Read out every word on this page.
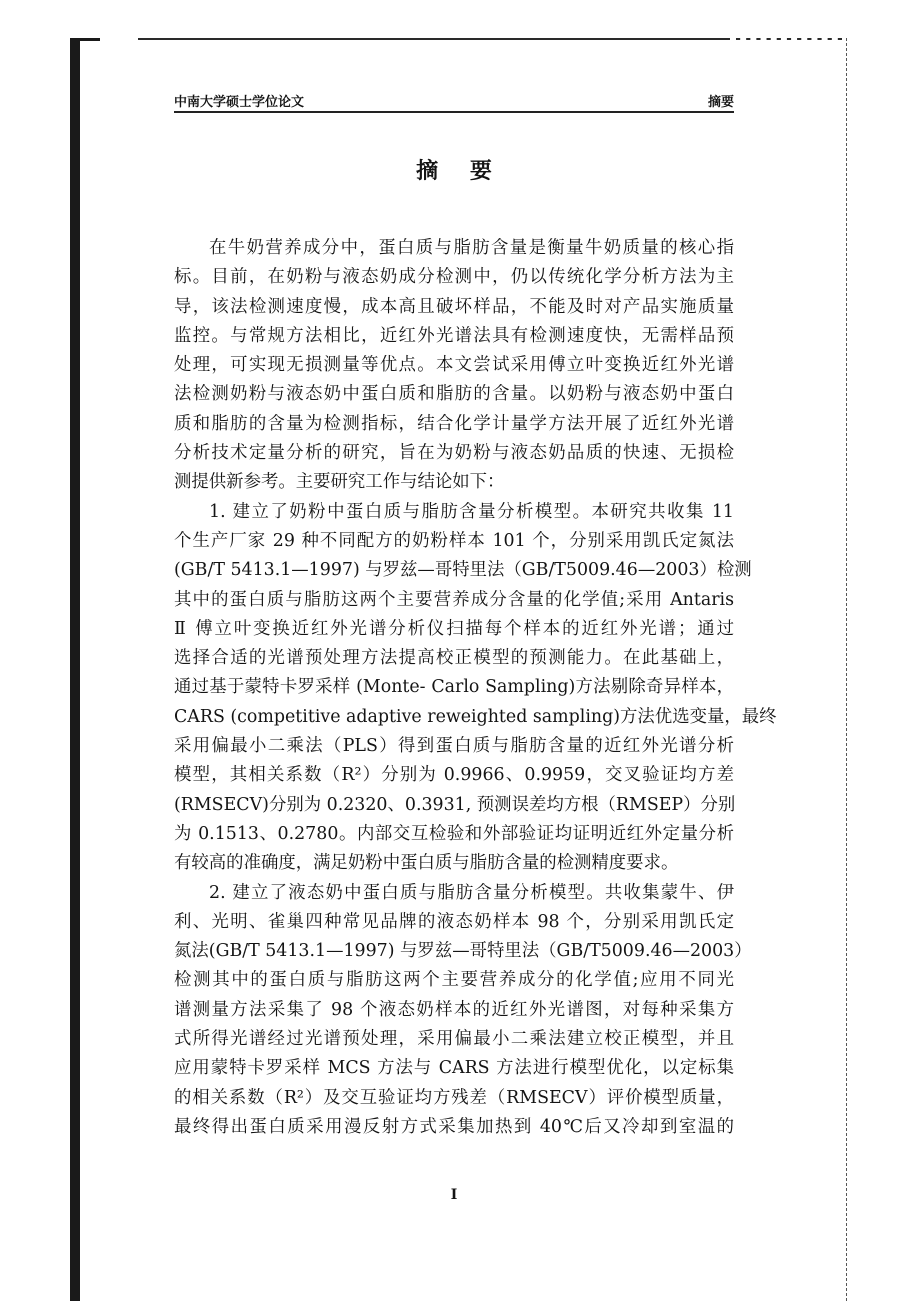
中南大学硕士学位论文	摘要
摘 要
在牛奶营养成分中，蛋白质与脂肪含量是衡量牛奶质量的核心指
标。目前，在奶粉与液态奶成分检测中，仍以传统化学分析方法为主
导，该法检测速度慢，成本高且破坏样品，不能及时对产品实施质量
监控。与常规方法相比，近红外光谱法具有检测速度快，无需样品预
处理，可实现无损测量等优点。本文尝试采用傅立叶变换近红外光谱
法检测奶粉与液态奶中蛋白质和脂肪的含量。以奶粉与液态奶中蛋白
质和脂肪的含量为检测指标，结合化学计量学方法开展了近红外光谱
分析技术定量分析的研究，旨在为奶粉与液态奶品质的快速、无损检
测提供新参考。主要研究工作与结论如下：
1. 建立了奶粉中蛋白质与脂肪含量分析模型。本研究共收集 11
个生产厂家 29 种不同配方的奶粉样本 101 个，分别采用凯氏定氮法
(GB/T 5413.1—1997) 与罗兹—哥特里法（GB/T5009.46—2003）检测
其中的蛋白质与脂肪这两个主要营养成分含量的化学值;采用 Antaris
Ⅱ 傅立叶变换近红外光谱分析仪扫描每个样本的近红外光谱；通过
选择合适的光谱预处理方法提高校正模型的预测能力。在此基础上，
通过基于蒙特卡罗采样 (Monte- Carlo Sampling)方法剔除奇异样本，
CARS (competitive adaptive reweighted sampling)方法优选变量，最终
采用偏最小二乘法（PLS）得到蛋白质与脂肪含量的近红外光谱分析
模型，其相关系数（R²）分别为 0.9966、0.9959，交叉验证均方差
(RMSECV)分别为 0.2320、0.3931, 预测误差均方根（RMSEP）分别
为 0.1513、0.2780。内部交互检验和外部验证均证明近红外定量分析
有较高的准确度，满足奶粉中蛋白质与脂肪含量的检测精度要求。
2. 建立了液态奶中蛋白质与脂肪含量分析模型。共收集蒙牛、伊
利、光明、雀巢四种常见品牌的液态奶样本 98 个，分别采用凯氏定
氮法(GB/T 5413.1—1997) 与罗兹—哥特里法（GB/T5009.46—2003）
检测其中的蛋白质与脂肪这两个主要营养成分的化学值;应用不同光
谱测量方法采集了 98 个液态奶样本的近红外光谱图，对每种采集方
式所得光谱经过光谱预处理，采用偏最小二乘法建立校正模型，并且
应用蒙特卡罗采样 MCS 方法与 CARS 方法进行模型优化，以定标集
的相关系数（R²）及交互验证均方残差（RMSECV）评价模型质量，
最终得出蛋白质采用漫反射方式采集加热到 40℃后又冷却到室温的
I
